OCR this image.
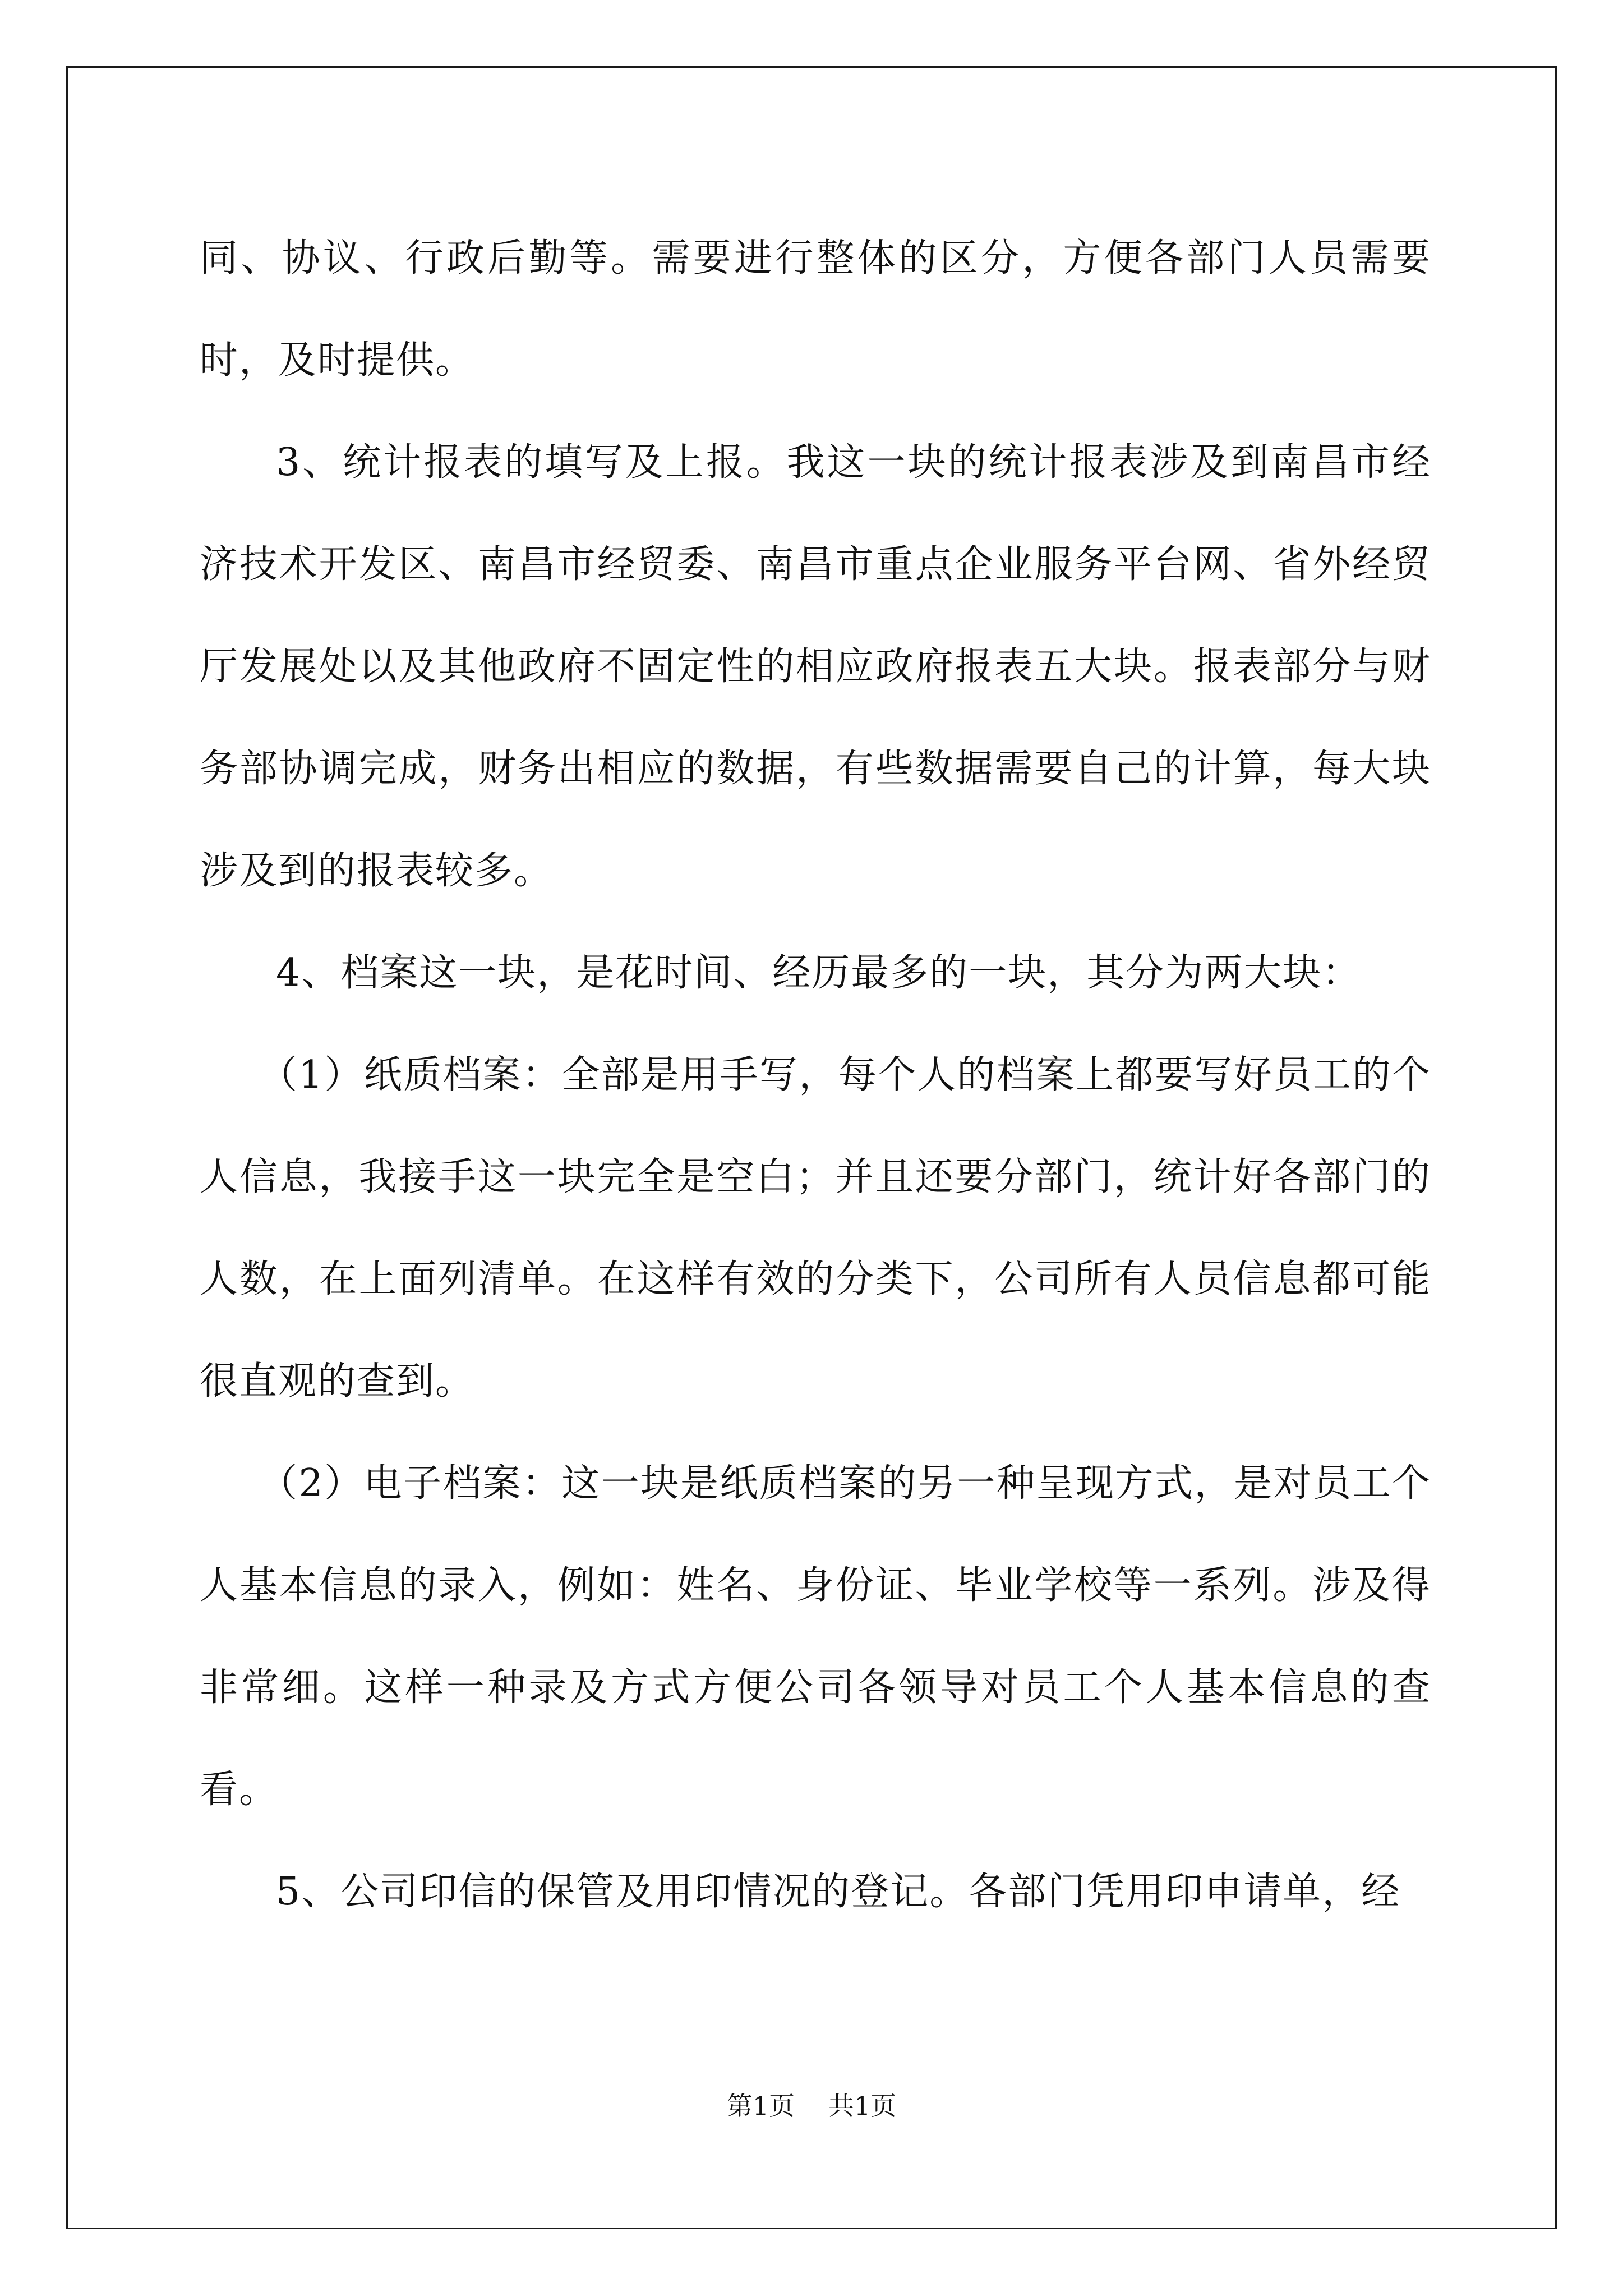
同、协议、行政后勤等。需要进行整体的区分，方便各部门人员需要时，及时提供。

3、统计报表的填写及上报。我这一块的统计报表涉及到南昌市经济技术开发区、南昌市经贸委、南昌市重点企业服务平台网、省外经贸厅发展处以及其他政府不固定性的相应政府报表五大块。报表部分与财务部协调完成，财务出相应的数据，有些数据需要自己的计算，每大块涉及到的报表较多。

4、档案这一块，是花时间、经历最多的一块，其分为两大块：

（1）纸质档案：全部是用手写，每个人的档案上都要写好员工的个人信息，我接手这一块完全是空白；并且还要分部门，统计好各部门的人数，在上面列清单。在这样有效的分类下，公司所有人员信息都可能很直观的查到。

（2）电子档案：这一块是纸质档案的另一种呈现方式，是对员工个人基本信息的录入，例如：姓名、身份证、毕业学校等一系列。涉及得非常细。这样一种录及方式方便公司各领导对员工个人基本信息的查看。

5、公司印信的保管及用印情况的登记。各部门凭用印申请单，经

第1页 共1页
